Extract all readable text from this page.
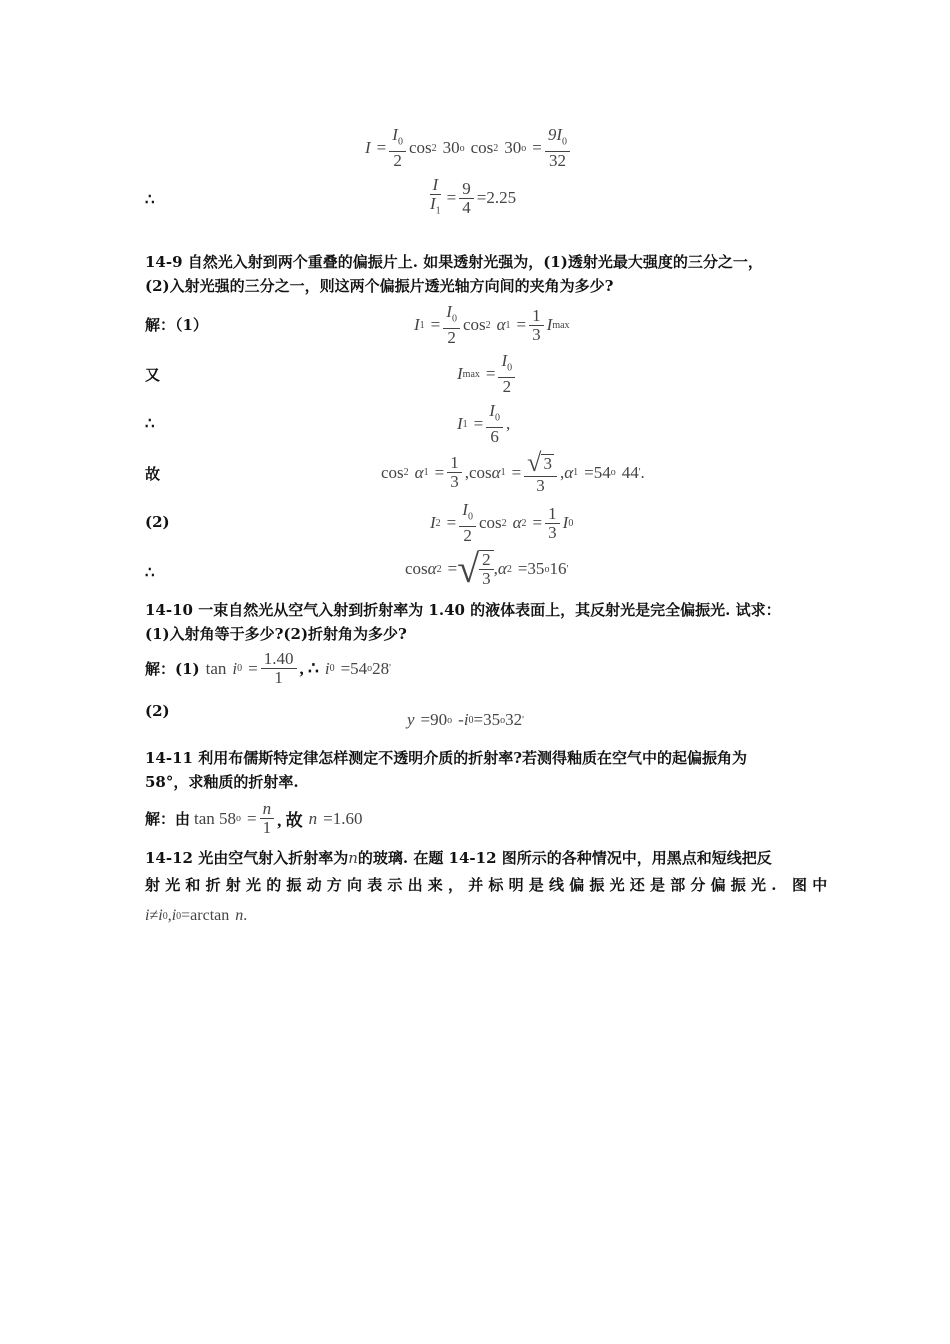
$I = \frac{I_0}{2}$ cos 2 30 o cos 2 30 $o = \frac{9I_0}{32}$
∴	$\frac{I}{I_1} = \frac{9}{4} =2.25$
14-9 自然光入射到两个重叠的偏振片上. 如果透射光强为，(1)透射光最大强度的三分之一，
(2)入射光强的三分之一，则这两个偏振片透光轴方向间的夹角为多少?
解：（1）	I $1 = \frac{I_0}{2}$ cos 2 α $1 = \frac{1}{3}$ I max
又	I $\max = \frac{I_0}{2}$
∴	I $1 = \frac{I_0}{6}$ ,
故	cos 2 α $1 = \frac{1}{3} ,\cos$ α $1 = \frac{√ 3}{3}$ , α 1 =54 o 44 ' .
(2)	I $2 = \frac{I_0}{2}$ cos 2 α $2 = \frac{1}{3}$ I 0
∴	cos α 2 = √ $\frac{2}{3}$ , α 2 =35 o 16 '
14-10 一束自然光从空气入射到折射率为 1.40 的液体表面上，其反射光是完全偏振光. 试求：
(1)入射角等于多少?(2)折射角为多少?
解：(1) tan i $0 = \frac{1.40}{1}$ , ∴ i 0 =54 o 28 '
(2)	y =90 o - i 0 =35 o 32 '
14-11 利用布儒斯特定律怎样测定不透明介质的折射率?若测得釉质在空气中的起偏振角为
58°，求釉质的折射率.
解：由 tan 58 $o = \frac{n}{1}$ , 故 n =1.60
14-12 光由空气射入折射率为n的玻璃. 在题 14-12 图所示的各种情况中，用黑点和短线把反
射光和折射光的振动方向表示出来，并标明是线偏振光还是部分偏振光. 图中
i ≠ i 0 , i 0 =arctan n .
